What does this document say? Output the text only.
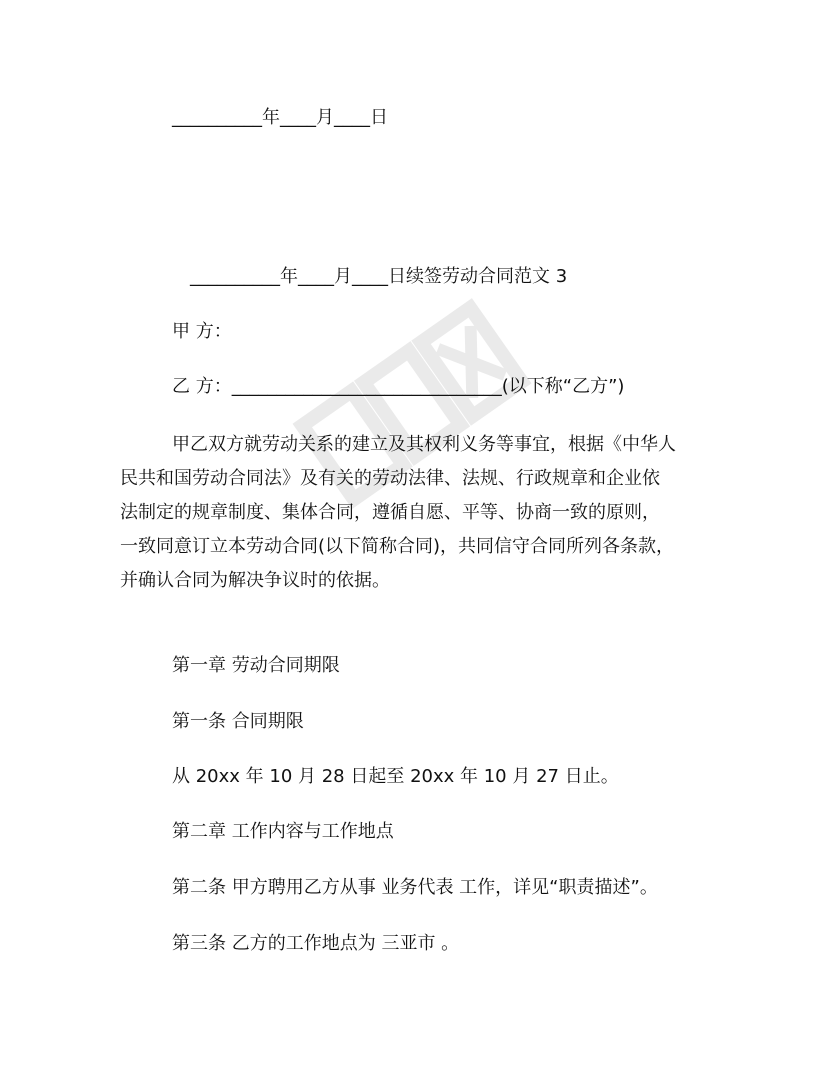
__________年____月____日
__________年____月____日续签劳动合同范文 3
甲 方：
乙 方：______________________________(以下称“乙方”)
甲乙双方就劳动关系的建立及其权利义务等事宜，根据《中华人
民共和国劳动合同法》及有关的劳动法律、法规、行政规章和企业依
法制定的规章制度、集体合同，遵循自愿、平等、协商一致的原则，
一致同意订立本劳动合同(以下简称合同)，共同信守合同所列各条款，
并确认合同为解决争议时的依据。
第一章 劳动合同期限
第一条 合同期限
从 20xx 年 10 月 28 日起至 20xx 年 10 月 27 日止。
第二章 工作内容与工作地点
第二条 甲方聘用乙方从事 业务代表 工作，详见“职责描述”。
第三条 乙方的工作地点为 三亚市 。
